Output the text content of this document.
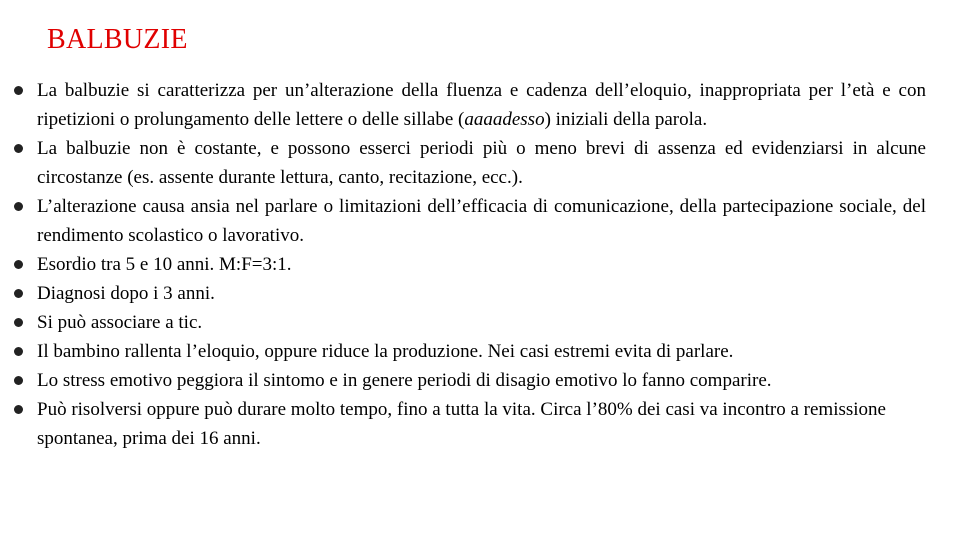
BALBUZIE
La balbuzie si caratterizza per un’alterazione della fluenza e cadenza dell’eloquio, inappropriata per l’età e con ripetizioni o prolungamento delle lettere o delle sillabe (aaaadesso) iniziali della parola.
La balbuzie non è costante, e possono esserci periodi più o meno brevi di assenza ed evidenziarsi in alcune circostanze (es. assente durante lettura, canto, recitazione, ecc.).
L’alterazione causa ansia nel parlare o limitazioni dell’efficacia di comunicazione, della partecipazione sociale, del rendimento scolastico o lavorativo.
Esordio tra 5 e 10 anni. M:F=3:1.
Diagnosi dopo i 3 anni.
Si può associare a tic.
Il bambino rallenta l’eloquio, oppure riduce la produzione. Nei casi estremi evita di parlare.
Lo stress emotivo peggiora il sintomo e in genere periodi di disagio emotivo lo fanno comparire.
Può risolversi oppure può durare molto tempo, fino a tutta la vita. Circa l’80% dei casi va incontro a remissione spontanea, prima dei 16 anni.
